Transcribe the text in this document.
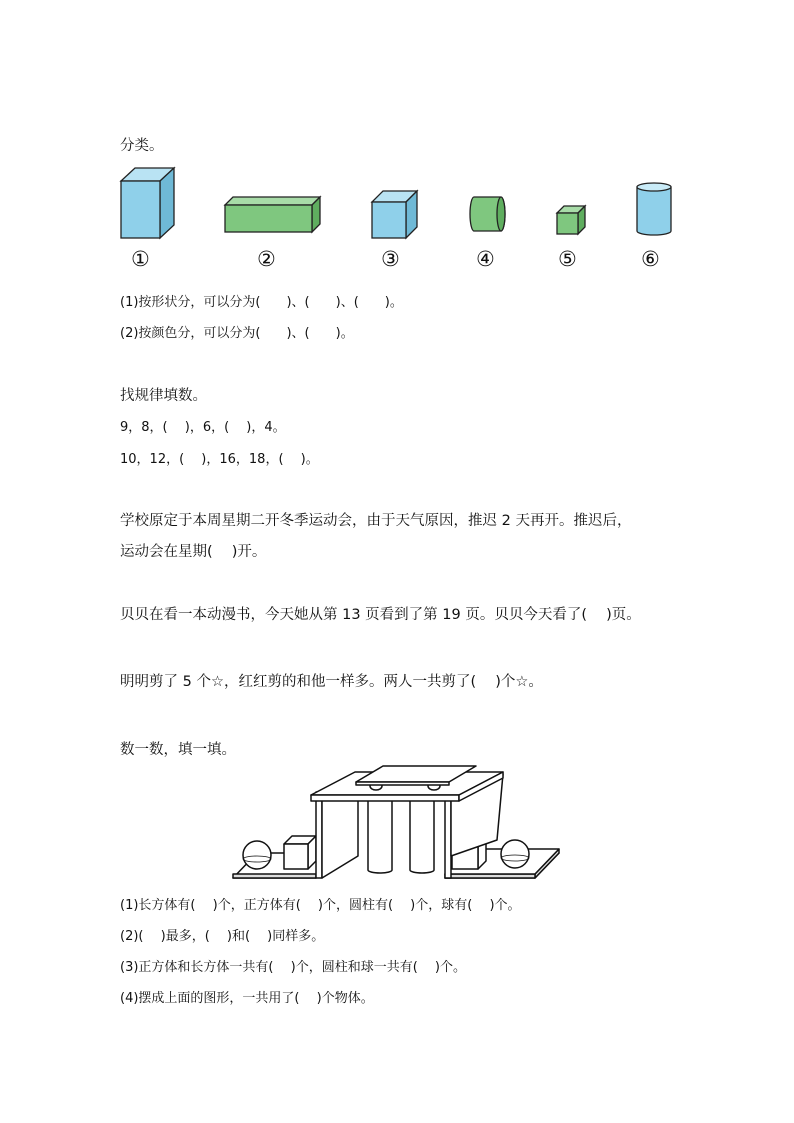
分类。
①	②	③	④	⑤	⑥
(1)按形状分，可以分为(　　)、(　　)、(　　)。
(2)按颜色分，可以分为(　　)、(　　)。
找规律填数。
9，8，(　 )，6，(　 )，4。
10，12，(　 )，16，18，(　 )。
学校原定于本周星期二开冬季运动会，由于天气原因，推迟 2 天再开。推迟后，
运动会在星期(　 )开。
贝贝在看一本动漫书，今天她从第 13 页看到了第 19 页。贝贝今天看了(　 )页。
明明剪了 5 个☆，红红剪的和他一样多。两人一共剪了(　 )个☆。
数一数，填一填。
(1)长方体有(　 )个，正方体有(　 )个，圆柱有(　 )个，球有(　 )个。
(2)(　 )最多，(　 )和(　 )同样多。
(3)正方体和长方体一共有(　 )个，圆柱和球一共有(　 )个。
(4)摆成上面的图形，一共用了(　 )个物体。
